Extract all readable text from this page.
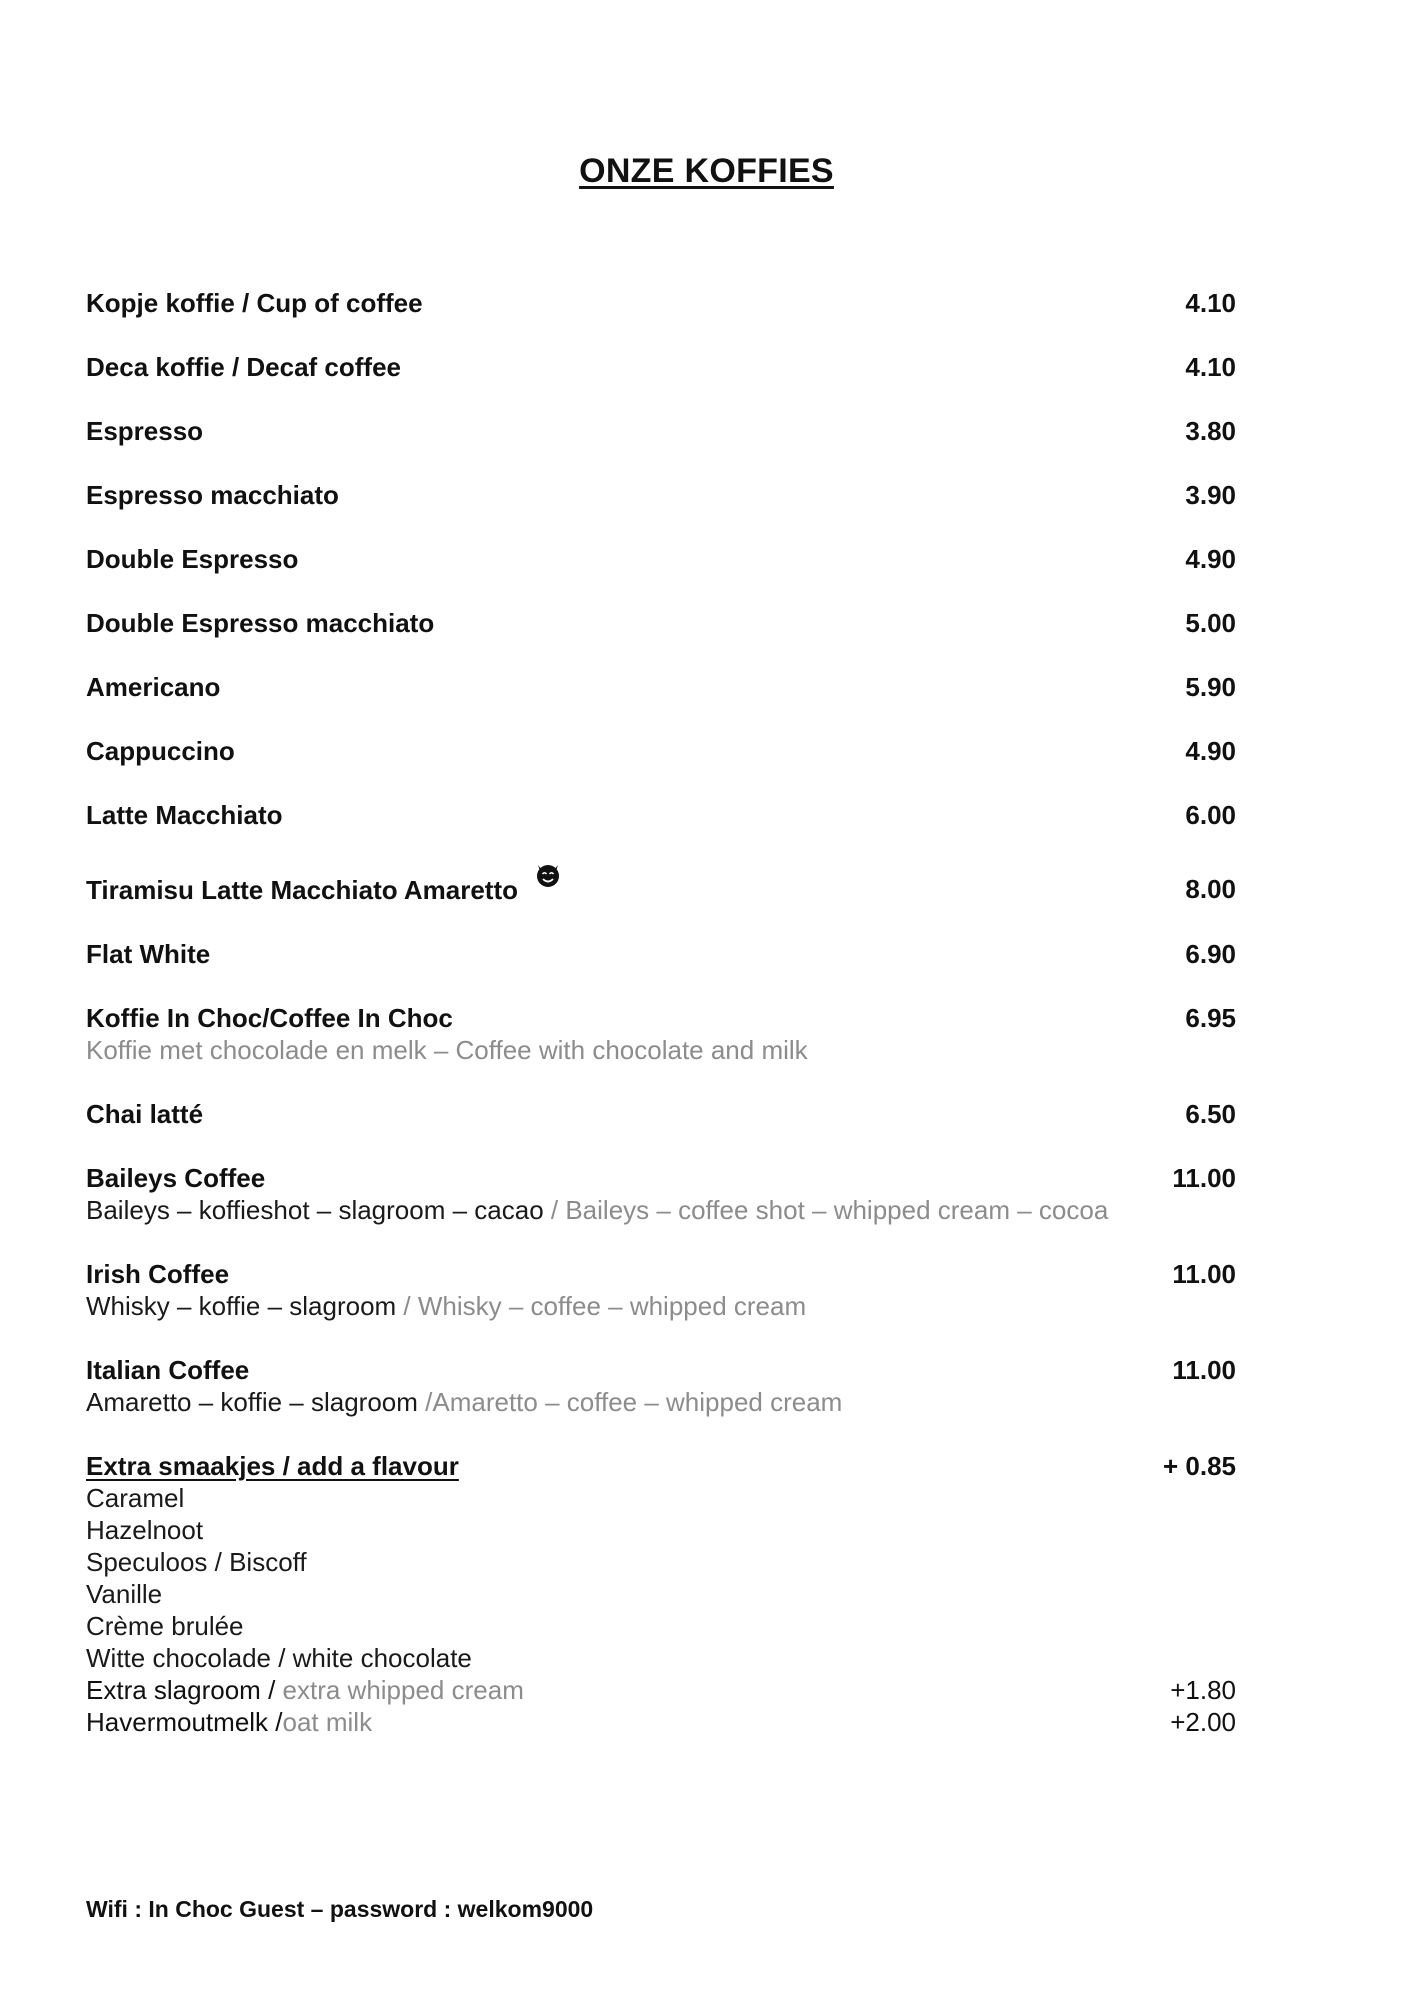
ONZE KOFFIES
Kopje koffie / Cup of coffee	4.10
Deca koffie / Decaf coffee	4.10
Espresso	3.80
Espresso macchiato	3.90
Double Espresso	4.90
Double Espresso macchiato	5.00
Americano	5.90
Cappuccino	4.90
Latte Macchiato	6.00
Tiramisu Latte Macchiato Amaretto	8.00
Flat White	6.90
Koffie In Choc/Coffee In Choc	6.95
Koffie met chocolade en melk – Coffee with chocolate and milk
Chai latté	6.50
Baileys Coffee	11.00
Baileys – koffieshot – slagroom – cacao / Baileys – coffee shot – whipped cream – cocoa
Irish Coffee	11.00
Whisky – koffie – slagroom / Whisky – coffee – whipped cream
Italian Coffee	11.00
Amaretto – koffie – slagroom /Amaretto – coffee – whipped cream
Extra smaakjes / add a flavour	+ 0.85
Caramel
Hazelnoot
Speculoos / Biscoff
Vanille
Crème brulée
Witte chocolade / white chocolate
Extra slagroom / extra whipped cream	+1.80
Havermoutmelk /oat milk	+2.00
Wifi : In Choc Guest – password : welkom9000
